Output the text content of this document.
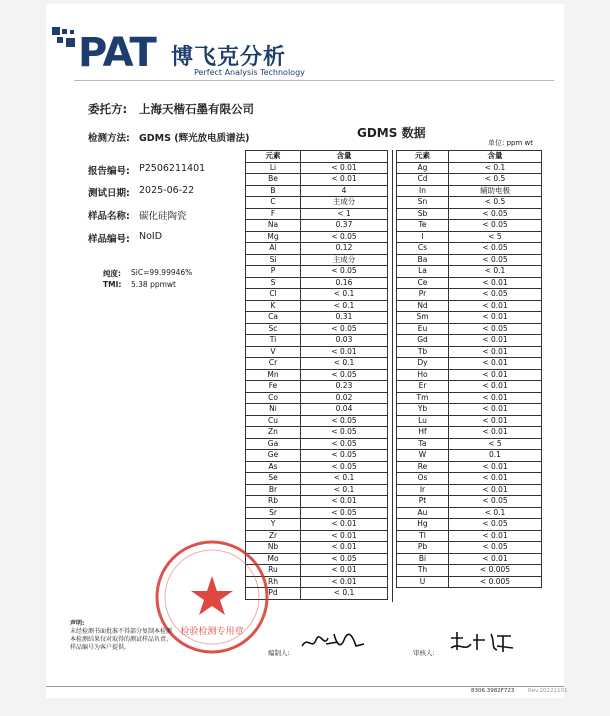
PAT 博飞克分析
Perfect Analysis Technology
委托方: 上海天楷石墨有限公司
检测方法: GDMS (辉光放电质谱法)
报告编号: P2506211401
测试日期: 2025-06-22
样品名称: 碳化硅陶瓷
样品编号: NoID
纯度: SiC=99.99946%
TMI: 5.38 ppmwt
GDMS 数据
单位: ppm wt
元素	含量
Li	< 0.01
Be	< 0.01
B	4
C	主成分
F	< 1
Na	0.37
Mg	< 0.05
Al	0.12
Si	主成分
P	< 0.05
S	0.16
Cl	< 0.1
K	< 0.1
Ca	0.31
Sc	< 0.05
Ti	0.03
V	< 0.01
Cr	< 0.1
Mn	< 0.05
Fe	0.23
Co	0.02
Ni	0.04
Cu	< 0.05
Zn	< 0.05
Ga	< 0.05
Ge	< 0.05
As	< 0.05
Se	< 0.1
Br	< 0.1
Rb	< 0.01
Sr	< 0.05
Y	< 0.01
Zr	< 0.01
Nb	< 0.01
Mo	< 0.05
Ru	< 0.01
Rh	< 0.01
Pd	< 0.1
元素	含量
Ag	< 0.1
Cd	< 0.5
In	辅助电极
Sn	< 0.5
Sb	< 0.05
Te	< 0.05
I	< 5
Cs	< 0.05
Ba	< 0.05
La	< 0.1
Ce	< 0.01
Pr	< 0.05
Nd	< 0.01
Sm	< 0.01
Eu	< 0.05
Gd	< 0.01
Tb	< 0.01
Dy	< 0.01
Ho	< 0.01
Er	< 0.01
Tm	< 0.01
Yb	< 0.01
Lu	< 0.01
Hf	< 0.01
Ta	< 5
W	0.1
Re	< 0.01
Os	< 0.01
Ir	< 0.01
Pt	< 0.05
Au	< 0.1
Hg	< 0.05
Tl	< 0.01
Pb	< 0.05
Bi	< 0.01
Th	< 0.005
U	< 0.005
检验检测专用章
声明:
未经检测书面批准不得部分复制本检测
本检测结果仅对取得的测试样品负责。
样品编号为客户提供。
编制人:	审核人:
8306.3982F723 Rev.20221101
